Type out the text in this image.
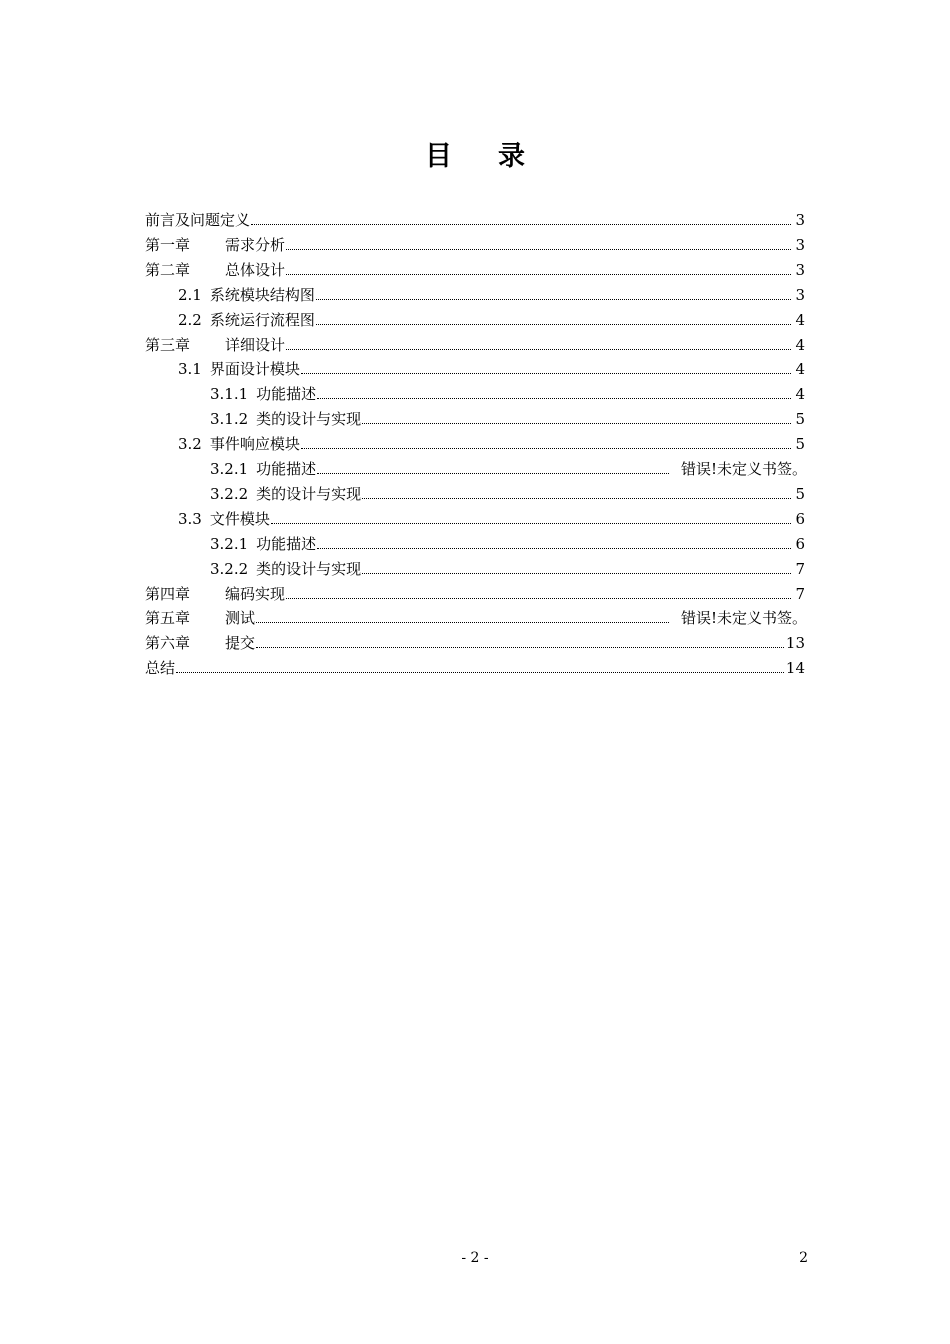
目 录
前言及问题定义	3
第一章 需求分析	3
第二章 总体设计	3
2.1 系统模块结构图	3
2.2 系统运行流程图	4
第三章 详细设计	4
3.1 界面设计模块	4
3.1.1 功能描述	4
3.1.2 类的设计与实现	5
3.2 事件响应模块	5
3.2.1 功能描述	错误!未定义书签。
3.2.2 类的设计与实现	5
3.3 文件模块	6
3.2.1 功能描述	6
3.2.2 类的设计与实现	7
第四章 编码实现	7
第五章 测试	错误!未定义书签。
第六章 提交	13
总结	14
- 2 -	2
